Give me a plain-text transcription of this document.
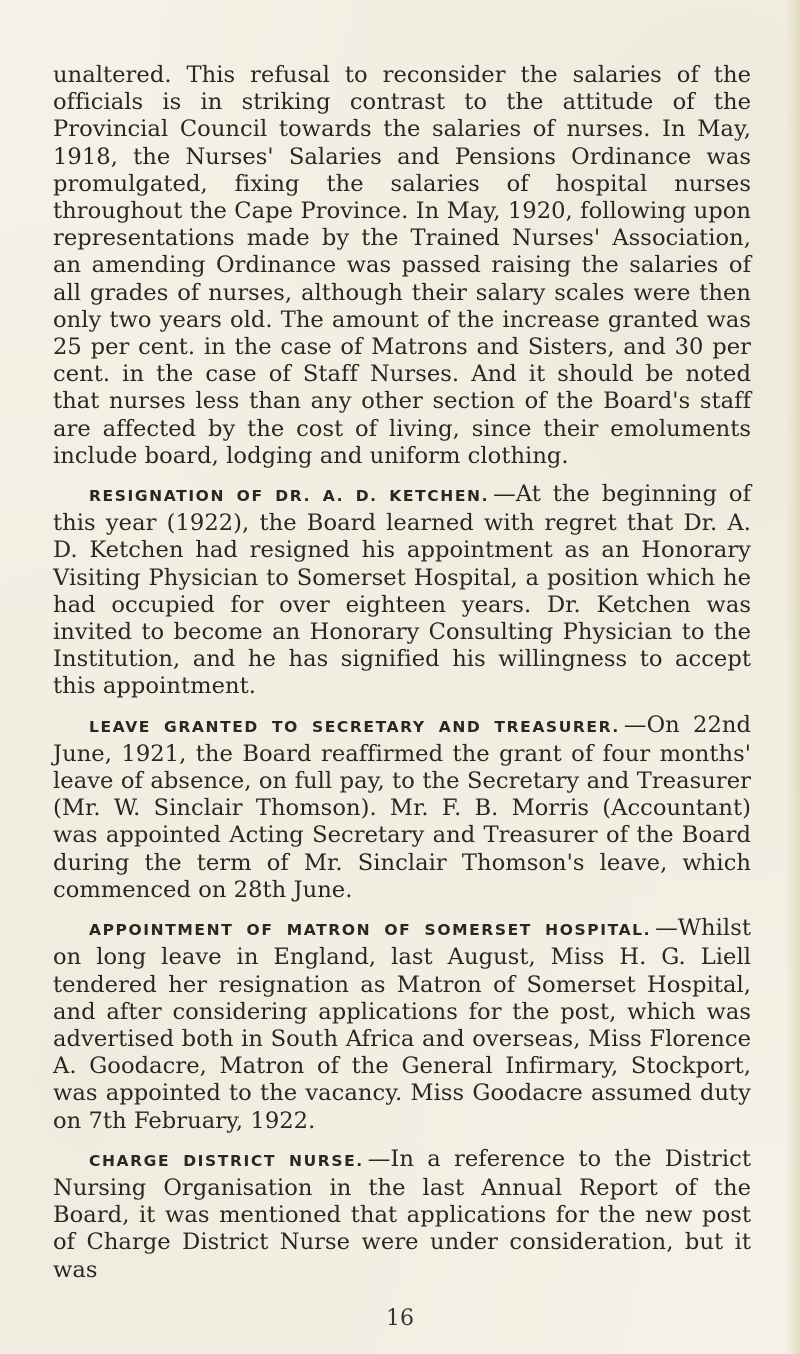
unaltered. This refusal to reconsider the salaries of the officials is in striking contrast to the attitude of the Provincial Council towards the salaries of nurses. In May, 1918, the Nurses' Salaries and Pensions Ordinance was promulgated, fixing the salaries of hospital nurses throughout the Cape Province. In May, 1920, following upon representations made by the Trained Nurses' Association, an amending Ordinance was passed raising the salaries of all grades of nurses, although their salary scales were then only two years old. The amount of the increase granted was 25 per cent. in the case of Matrons and Sisters, and 30 per cent. in the case of Staff Nurses. And it should be noted that nurses less than any other section of the Board's staff are affected by the cost of living, since their emoluments include board, lodging and uniform clothing.

RESIGNATION OF DR. A. D. KETCHEN. —At the beginning of this year (1922), the Board learned with regret that Dr. A. D. Ketchen had resigned his appointment as an Honorary Visiting Physician to Somerset Hospital, a position which he had occupied for over eighteen years. Dr. Ketchen was invited to become an Honorary Consulting Physician to the Institution, and he has signified his willingness to accept this appointment.

LEAVE GRANTED TO SECRETARY AND TREASURER. —On 22nd June, 1921, the Board reaffirmed the grant of four months' leave of absence, on full pay, to the Secretary and Treasurer (Mr. W. Sinclair Thomson). Mr. F. B. Morris (Accountant) was appointed Acting Secretary and Treasurer of the Board during the term of Mr. Sinclair Thomson's leave, which commenced on 28th June.

APPOINTMENT OF MATRON OF SOMERSET HOSPITAL. —Whilst on long leave in England, last August, Miss H. G. Liell tendered her resignation as Matron of Somerset Hospital, and after considering applications for the post, which was advertised both in South Africa and overseas, Miss Florence A. Goodacre, Matron of the General Infirmary, Stockport, was appointed to the vacancy. Miss Goodacre assumed duty on 7th February, 1922.

CHARGE DISTRICT NURSE. —In a reference to the District Nursing Organisation in the last Annual Report of the Board, it was mentioned that applications for the new post of Charge District Nurse were under consideration, but it was

16
